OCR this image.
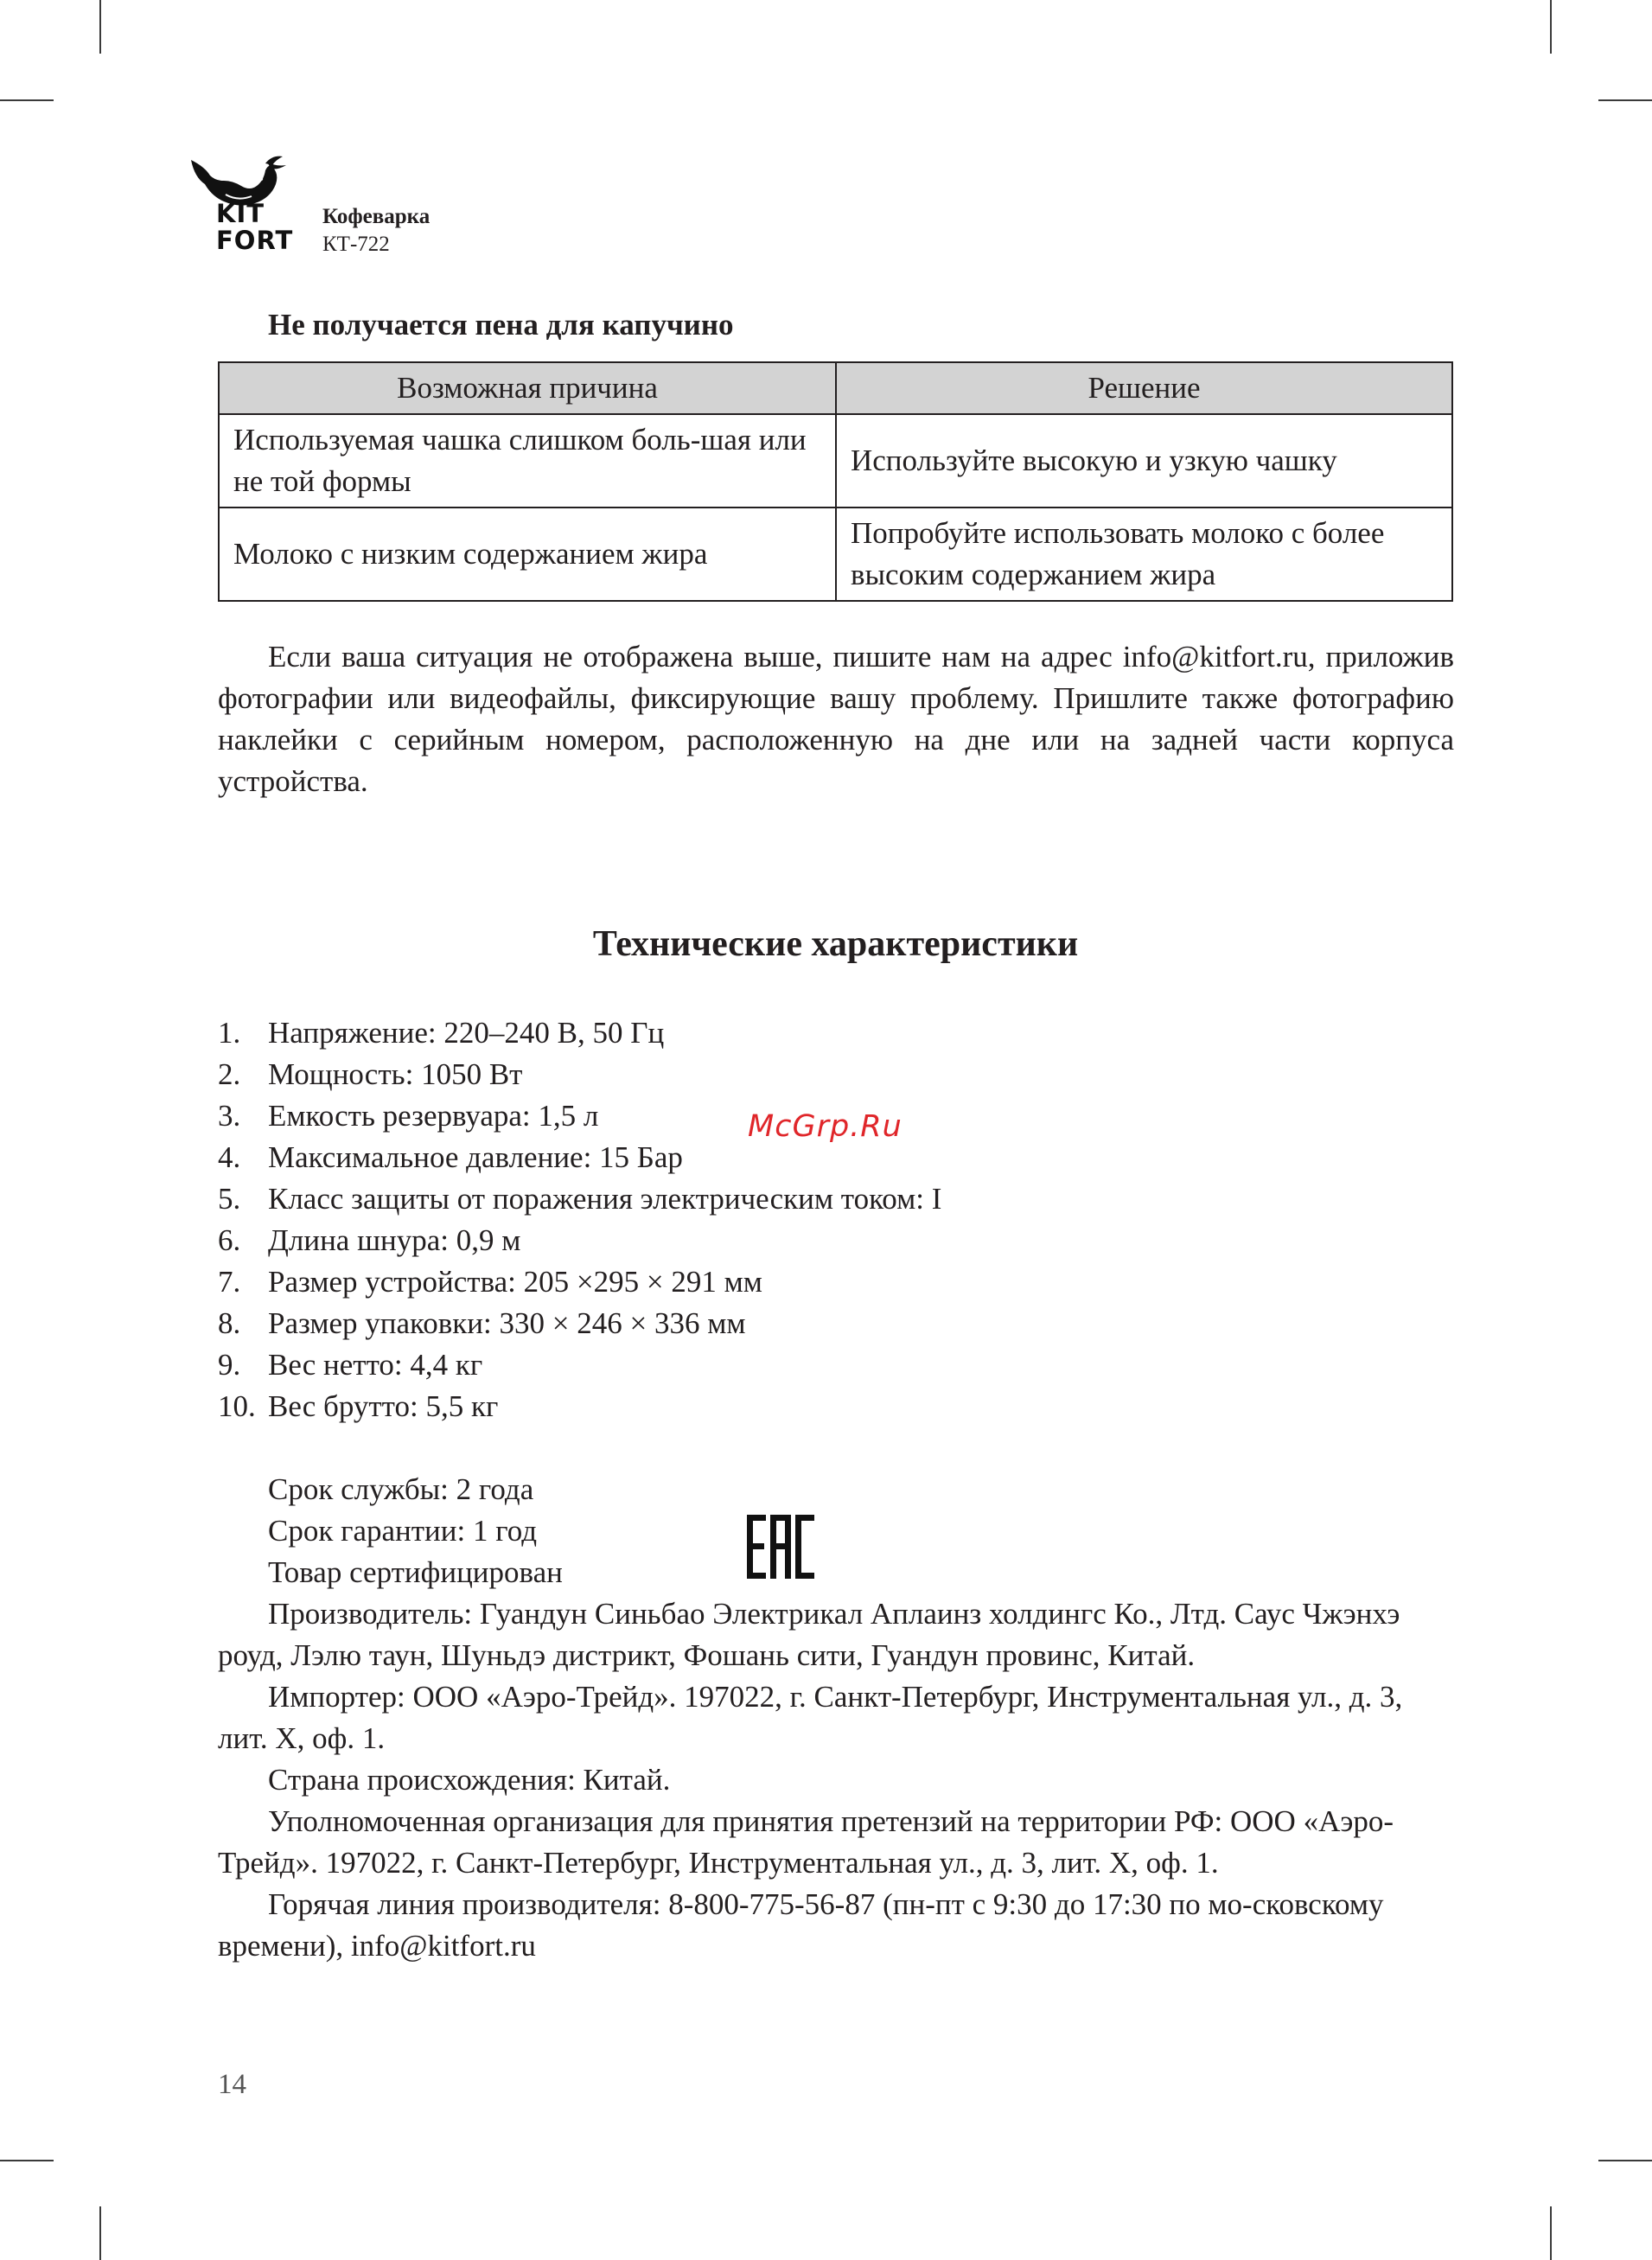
KIT
FORT
Кофеварка
КТ-722
Не получается пена для капучино
Возможная причина	Решение
Используемая чашка слишком боль-шая или не той формы	Используйте высокую и узкую чашку
Молоко с низким содержанием жира	Попробуйте использовать молоко с более высоким содержанием жира

Если ваша ситуация не отображена выше, пишите нам на адрес info@kitfort.ru, приложив фотографии или видеофайлы, фиксирующие вашу проблему. Пришлите также фотографию наклейки с серийным номером, расположенную на дне или на задней части корпуса устройства.

Технические характеристики
1. Напряжение: 220–240 В, 50 Гц
2. Мощность: 1050 Вт
3. Емкость резервуара: 1,5 л
4. Максимальное давление: 15 Бар
5. Класс защиты от поражения электрическим током: I
6. Длина шнура: 0,9 м
7. Размер устройства: 205 ×295 × 291 мм
8. Размер упаковки: 330 × 246 × 336 мм
9. Вес нетто: 4,4 кг
10. Вес брутто: 5,5 кг
McGrp.Ru

Срок службы: 2 года

Срок гарантии: 1 год

Товар сертифицирован

Производитель: Гуандун Синьбао Электрикал Аплаинз холдингс Ко., Лтд. Саус Чжэнхэ роуд, Лэлю таун, Шуньдэ дистрикт, Фошань сити, Гуандун провинс, Китай.

Импортер: ООО «Аэро-Трейд». 197022, г. Санкт-Петербург, Инструментальная ул., д. 3, лит. Х, оф. 1.

Страна происхождения: Китай.

Уполномоченная организация для принятия претензий на территории РФ: ООО «Аэро-Трейд». 197022, г. Санкт-Петербург, Инструментальная ул., д. 3, лит. Х, оф. 1.

Горячая линия производителя: 8-800-775-56-87 (пн-пт с 9:30 до 17:30 по мо-сковскому времени), info@kitfort.ru

14
